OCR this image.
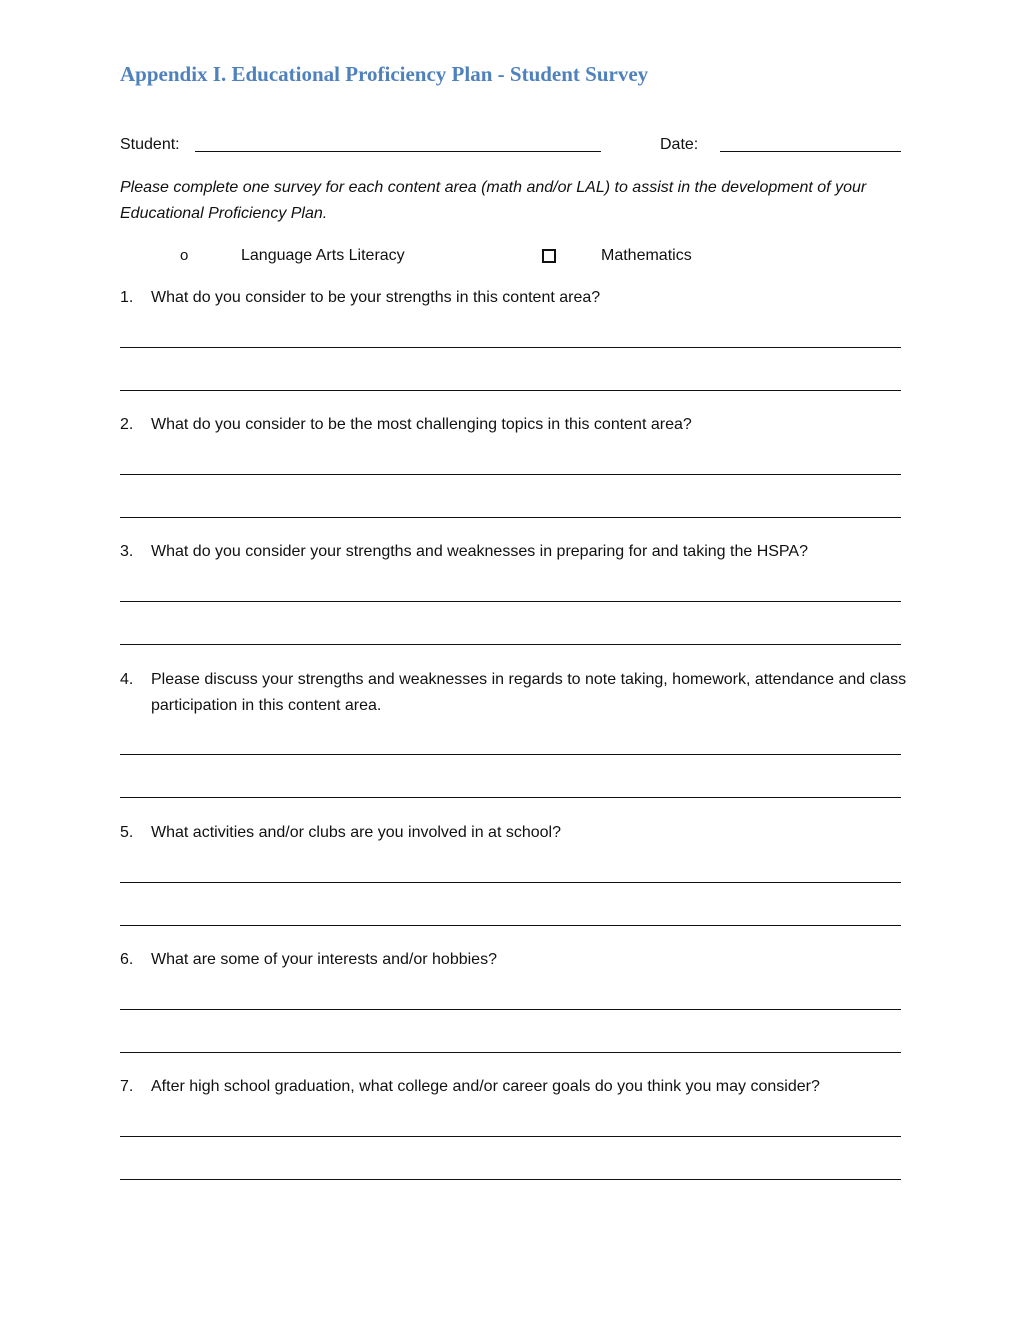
Appendix I. Educational Proficiency Plan - Student Survey
Student:	Date:
Please complete one survey for each content area (math and/or LAL) to assist in the development of your Educational Proficiency Plan.
o	Language Arts Literacy	Mathematics
1. What do you consider to be your strengths in this content area?
2. What do you consider to be the most challenging topics in this content area?
3. What do you consider your strengths and weaknesses in preparing for and taking the HSPA?
4. Please discuss your strengths and weaknesses in regards to note taking, homework, attendance and class participation in this content area.
5. What activities and/or clubs are you involved in at school?
6. What are some of your interests and/or hobbies?
7. After high school graduation, what college and/or career goals do you think you may consider?
